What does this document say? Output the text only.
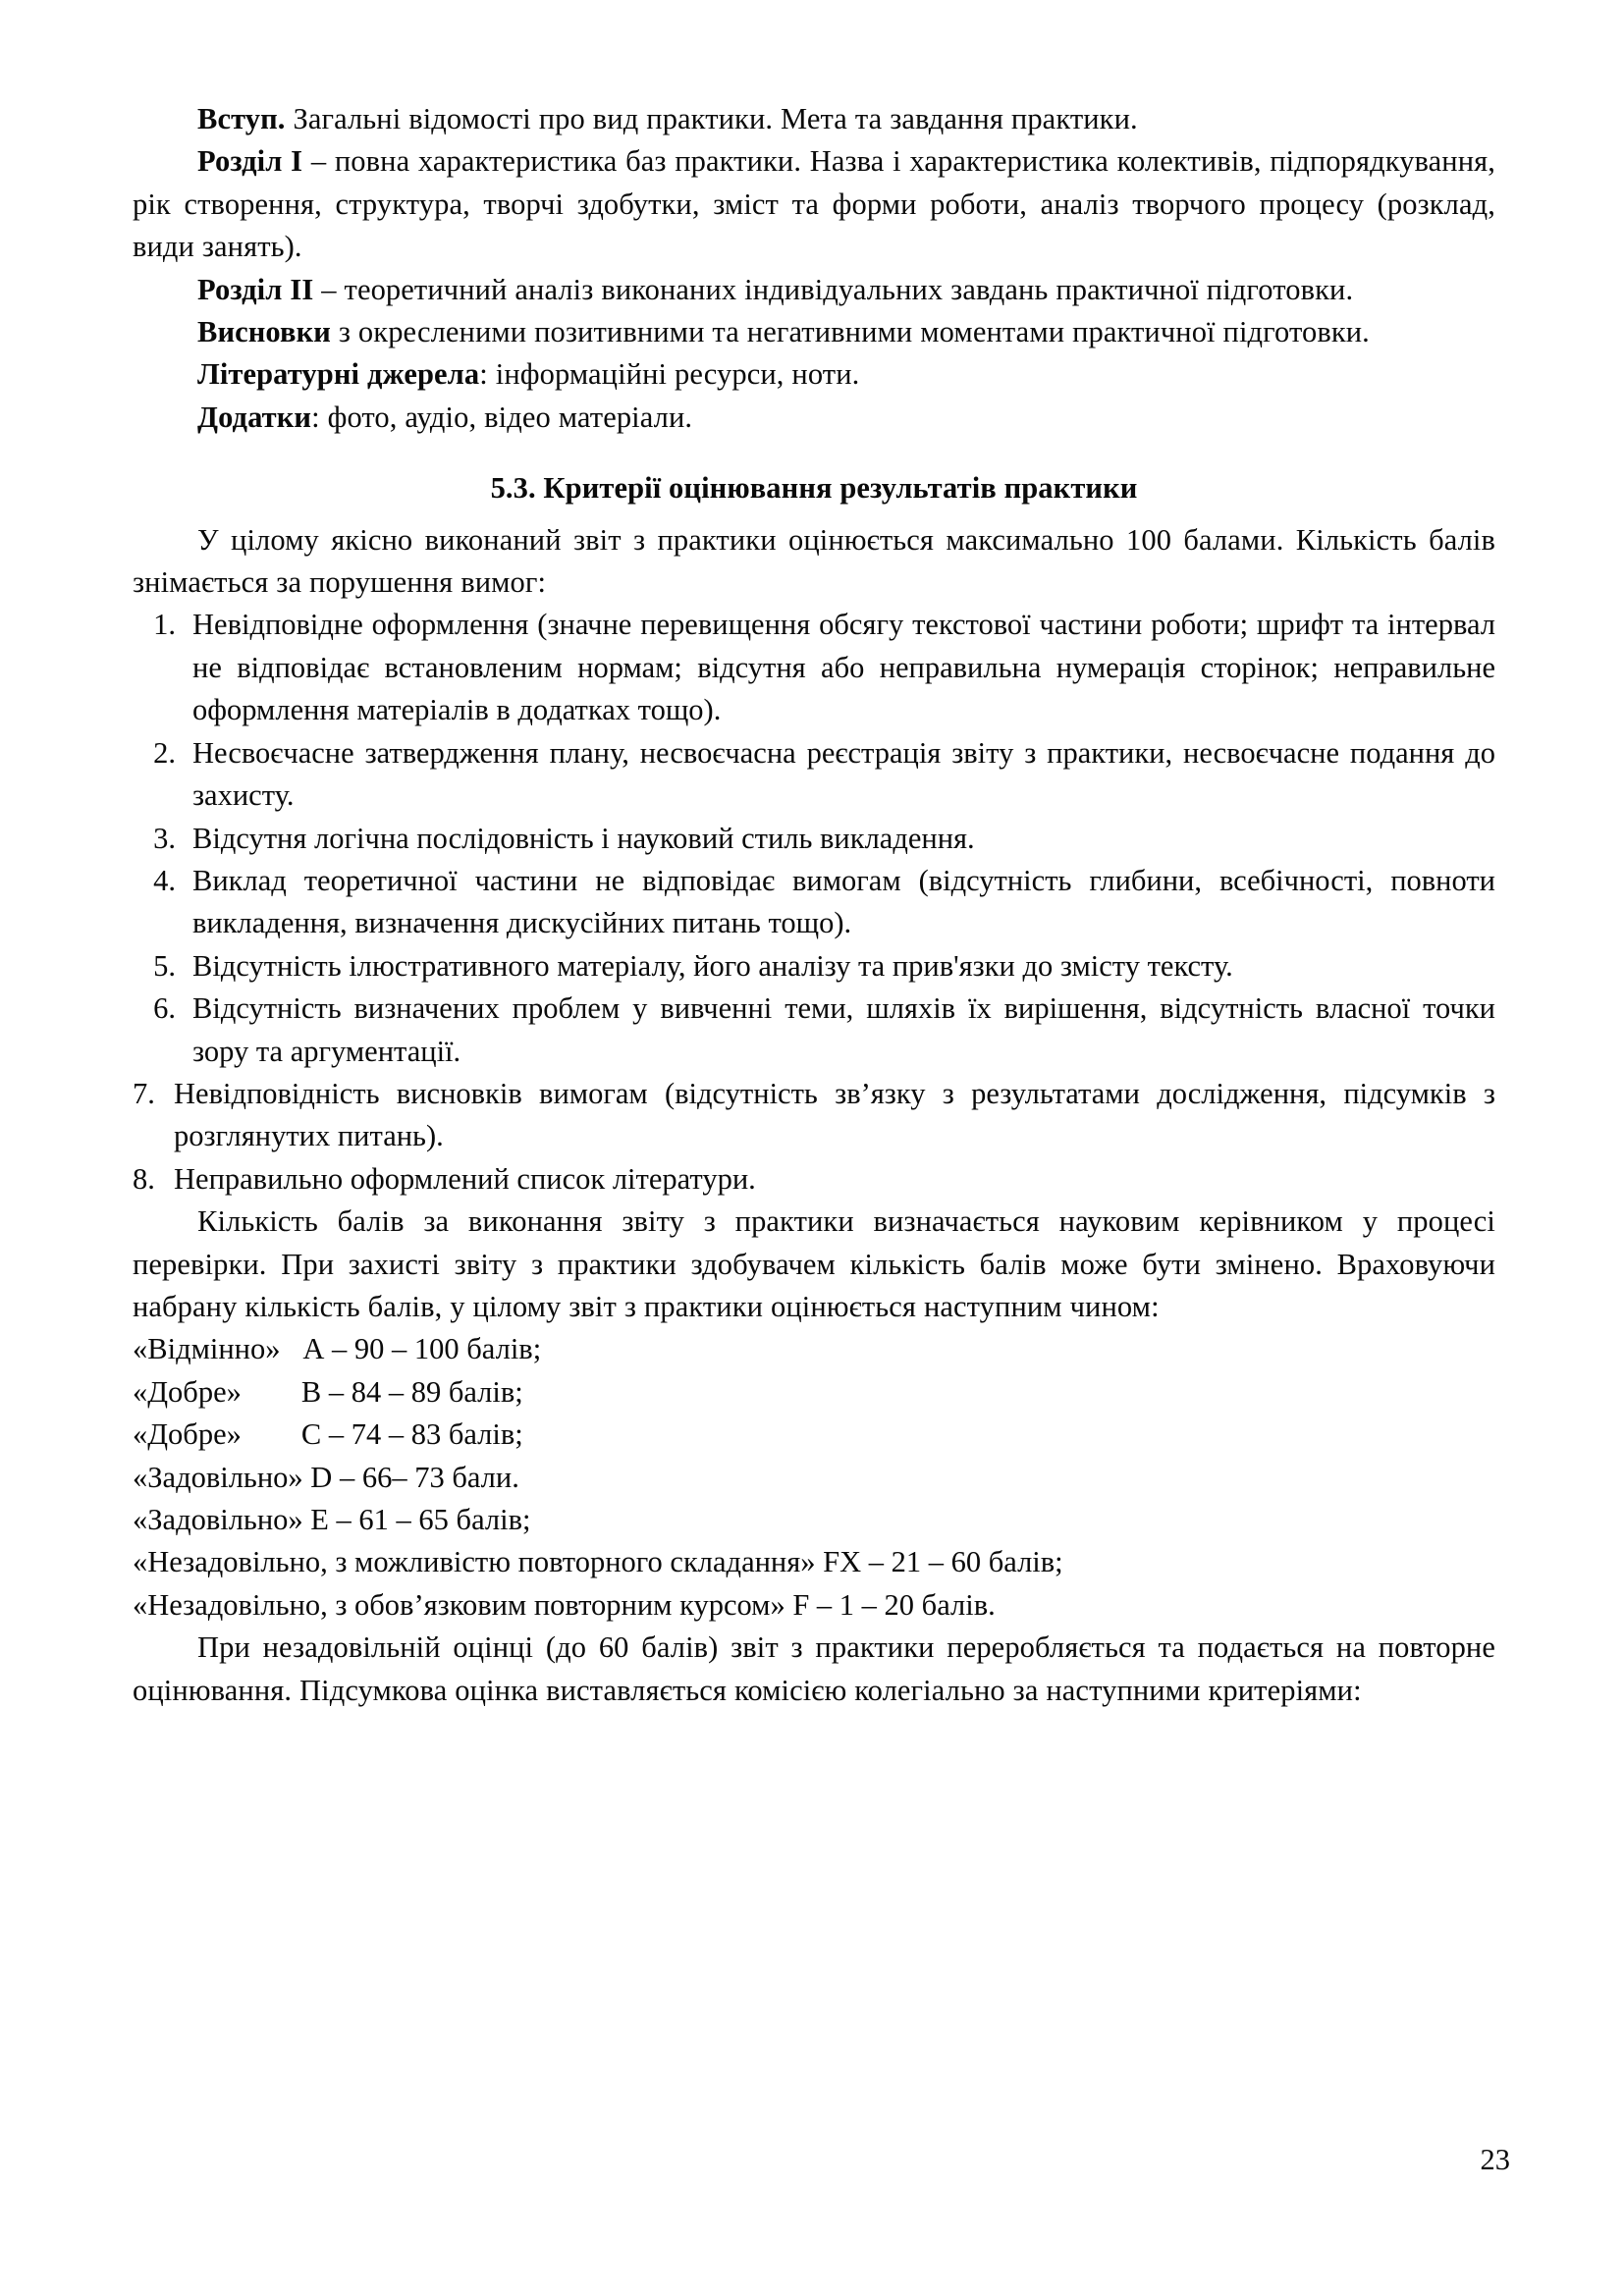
Вступ. Загальні відомості про вид практики. Мета та завдання практики.

Розділ I – повна характеристика баз практики. Назва і характеристика колективів, підпорядкування, рік створення, структура, творчі здобутки, зміст та форми роботи, аналіз творчого процесу (розклад, види занять).

Розділ II – теоретичний аналіз виконаних індивідуальних завдань практичної підготовки.

Висновки з окресленими позитивними та негативними моментами практичної підготовки.

Літературні джерела: інформаційні ресурси, ноти.

Додатки: фото, аудіо, відео матеріали.

5.3. Критерії оцінювання результатів практики

У цілому якісно виконаний звіт з практики оцінюється максимально 100 балами. Кількість балів знімається за порушення вимог:

Невідповідне оформлення (значне перевищення обсягу текстової частини роботи; шрифт та інтервал не відповідає встановленим нормам; відсутня або неправильна нумерація сторінок; неправильне оформлення матеріалів в додатках тощо).
Несвоєчасне затвердження плану, несвоєчасна реєстрація звіту з практики, несвоєчасне подання до захисту.
Відсутня логічна послідовність і науковий стиль викладення.
Виклад теоретичної частини не відповідає вимогам (відсутність глибини, всебічності, повноти викладення, визначення дискусійних питань тощо).
Відсутність ілюстративного матеріалу, його аналізу та прив'язки до змісту тексту.
Відсутність визначених проблем у вивченні теми, шляхів їх вирішення, відсутність власної точки зору та аргументації.
Невідповідність висновків вимогам (відсутність зв’язку з результатами дослідження, підсумків з розглянутих питань).
Неправильно оформлений список літератури.

Кількість балів за виконання звіту з практики визначається науковим керівником у процесі перевірки. При захисті звіту з практики здобувачем кількість балів може бути змінено. Враховуючи набрану кількість балів, у цілому звіт з практики оцінюється наступним чином:

«Відмінно» А – 90 – 100 балів;
«Добре» В – 84 – 89 балів;
«Добре» С – 74 – 83 балів;
«Задовільно» D – 66– 73 бали.
«Задовільно» Е – 61 – 65 балів;
«Незадовільно, з можливістю повторного складання» FХ – 21 – 60 балів;
«Незадовільно, з обов’язковим повторним курсом» F – 1 – 20 балів.

При незадовільній оцінці (до 60 балів) звіт з практики переробляється та подається на повторне оцінювання. Підсумкова оцінка виставляється комісією колегіально за наступними критеріями:

23
